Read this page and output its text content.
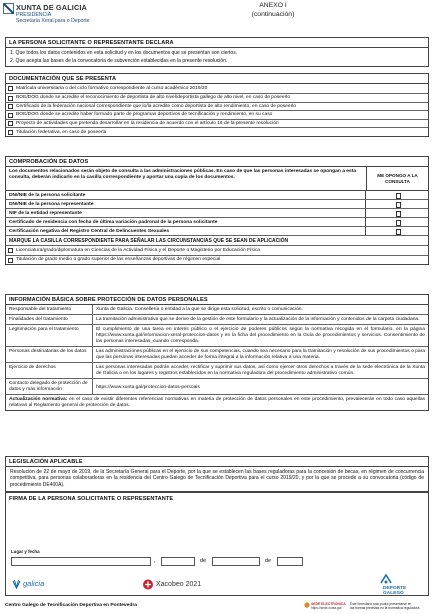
XUNTA DE GALICIA
PRESIDENCIA
Secretaría Xeral para o Deporte
ANEXO I
(continuación)
LA PERSONA SOLICITANTE O REPRESENTANTE DECLARA
1. Que todos los datos contenidos en esta solicitud y en los documentos que se presentan son ciertos.
2. Que acepta las bases de la convocatoria de subvención establecidas en la presente resolución.
DOCUMENTACIÓN QUE SE PRESENTA
Matrícula universitaria o del ciclo formativo correspondiente al curso académico 2019/20
BOE/DOG donde se acredite el reconocimiento de deportista de alto nivel/deportista gallego de alto nivel, en caso de poseerlo
Certificado de la federación nacional correspondiente que lo/la acredite como deportista de alto rendimiento, en caso de poseerlo
BOE/DOG donde se acredite haber formado parte de programas deportivos de tecnificación y rendimiento, en su caso
Proyecto de actividades que pretenda desarrollar en la residencia de acuerdo con el artículo 16 de la presente resolución
Titulación federativa, en caso de poseerla
COMPROBACIÓN DE DATOS
Los documentos relacionados serán objeto de consulta a las administraciones públicas. En caso de que las personas interesadas se opongan a esta consulta, deberán indicarlo en la casilla correspondiente y aportar una copia de los documentos.	ME OPONGO A LA CONSULTA
DNI/NIE de la persona solicitante
DNI/NIE de la persona representante
NIF de la entidad representante
Certificado de residencia con fecha de última variación padronal de la persona solicitante
Certificación negativa del Registro Central de Delincuentes Sexuales
MARQUE LA CASILLA CORRESPONDIENTE PARA SEÑALAR LAS CIRCUNSTANCIAS QUE SE SEAN DE APLICACIÓN
Licenciatura/grado/diplomatura en Ciencias de la Actividad Física y el Deporte o Magisterio por Educación Física
Titulación de grado medio o grado superior de las enseñanzas deportivas de régimen especial
INFORMACIÓN BÁSICA SOBRE PROTECCIÓN DE DATOS PERSONALES
Responsable del tratamiento	Xunta de Galicia. Consellería o entidad a la que se dirige esta solicitud, escrito o comunicación.
Finalidades del tratamiento	La tramitación administrativa que se derive de la gestión de este formulario y la actualización de la información y contenidos de la carpeta ciudadana.
Legitimación para el tratamiento	El cumplimiento de una tarea en interés público o el ejercicio de poderes públicos según la normativa recogida en el formulario, en la página https://www.xunta.gal/informacion-xeral-proteccion-datos y en la ficha del procedimiento en la Guía de procedimientos y servicios. Consentimiento de las personas interesadas, cuando corresponda.
Personas destinatarias de los datos	Las administraciones públicas en el ejercicio de sus competencias, cuando sea necesario para la tramitación y resolución de sus procedimientos o para que las personas interesadas puedan acceder de forma integral a la información relativa a una materia.
Ejercicio de derechos	Las personas interesadas podrán acceder, rectificar y suprimir sus datos, así como ejercer otros derechos a través de la sede electrónica de la Xunta de Galicia o en los lugares y registros establecidos en la normativa reguladora del procedimiento administrativo común.
Contacto delegado de protección de datos y más información	https://www.xunta.gal/proteccion-datos-persoais
Actualización normativa: en el caso de existir diferentes referencias normativas en materia de protección de datos personales en este procedimiento, prevalecerán en todo caso aquellas relativas al Reglamento general de protección de datos.
LEGISLACIÓN APLICABLE
Resolución de 22 de mayo de 2019, de la Secretaría General para el Deporte, por la que se establecen las bases reguladoras para la concesión de becas, en régimen de concurrencia competitiva, para personas colaboradoras en la residencia del Centro Galego de Tecnificación Deportiva para el curso 2019/20, y por la que se procede a su convocatoria (código de procedimiento DE400A).
FIRMA DE LA PERSONA SOLICITANTE O REPRESENTANTE
Lugar y fecha
,	de	de
galicia	Xacobeo 2021
DEPORTE
GALEGO
Centro Galego de Tecnificación Deportiva en Pontevedra	SEDE ELECTRÓNICA
https://sede.xunta.gal
Este formulario solo podrá presentarse en
las formas previstas en la normativa reguladora
